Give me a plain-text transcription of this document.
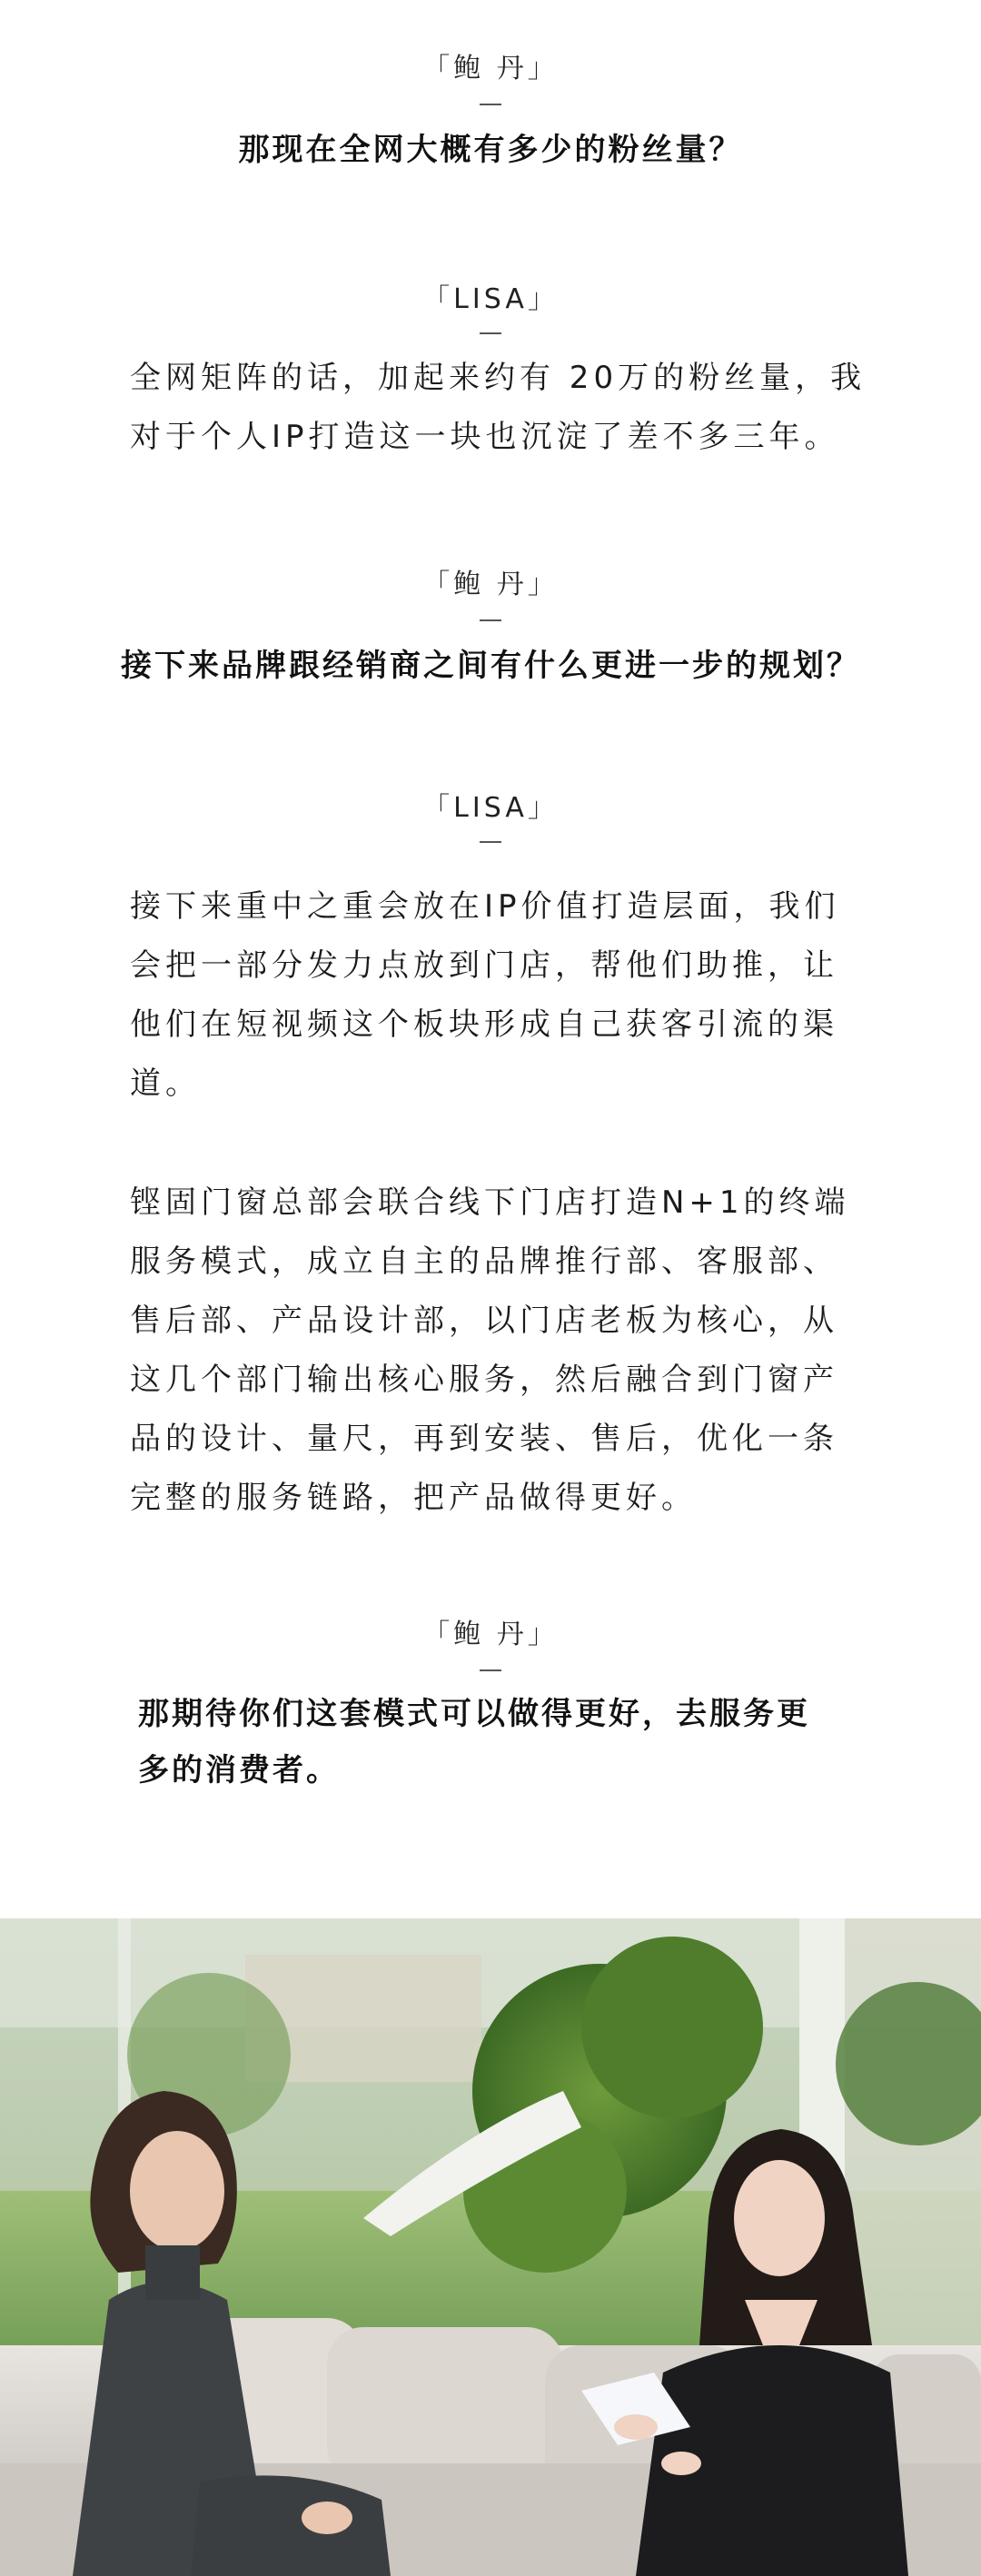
「鲍 丹」
那现在全网大概有多少的粉丝量？
「LISA」
全网矩阵的话，加起来约有 20万的粉丝量，我
对于个人IP打造这一块也沉淀了差不多三年。
「鲍 丹」
接下来品牌跟经销商之间有什么更进一步的规划？
「LISA」
接下来重中之重会放在IP价值打造层面，我们
会把一部分发力点放到门店，帮他们助推，让
他们在短视频这个板块形成自己获客引流的渠
道。
铿固门窗总部会联合线下门店打造N+1的终端
服务模式，成立自主的品牌推行部、客服部、
售后部、产品设计部，以门店老板为核心，从
这几个部门输出核心服务，然后融合到门窗产
品的设计、量尺，再到安装、售后，优化一条
完整的服务链路，把产品做得更好。
「鲍 丹」
那期待你们这套模式可以做得更好，去服务更
多的消费者。
